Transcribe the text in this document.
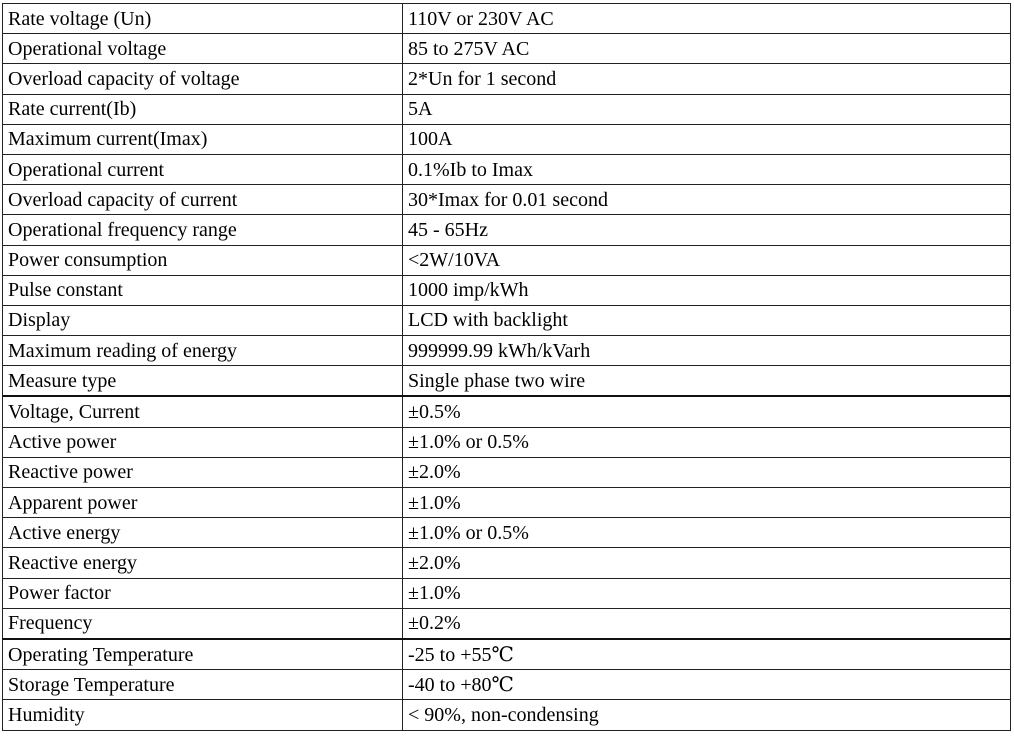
Rate voltage (Un)	110V or 230V AC
Operational voltage	85 to 275V AC
Overload capacity of voltage	2*Un for 1 second
Rate current(Ib)	5A
Maximum current(Imax)	100A
Operational current	0.1%Ib to Imax
Overload capacity of current	30*Imax for 0.01 second
Operational frequency range	45 - 65Hz
Power consumption	<2W/10VA
Pulse constant	1000 imp/kWh
Display	LCD with backlight
Maximum reading of energy	999999.99 kWh/kVarh
Measure type	Single phase two wire
Voltage, Current	±0.5%
Active power	±1.0% or 0.5%
Reactive power	±2.0%
Apparent power	±1.0%
Active energy	±1.0% or 0.5%
Reactive energy	±2.0%
Power factor	±1.0%
Frequency	±0.2%
Operating Temperature	-25 to +55℃
Storage Temperature	-40 to +80℃
Humidity	< 90%, non-condensing
